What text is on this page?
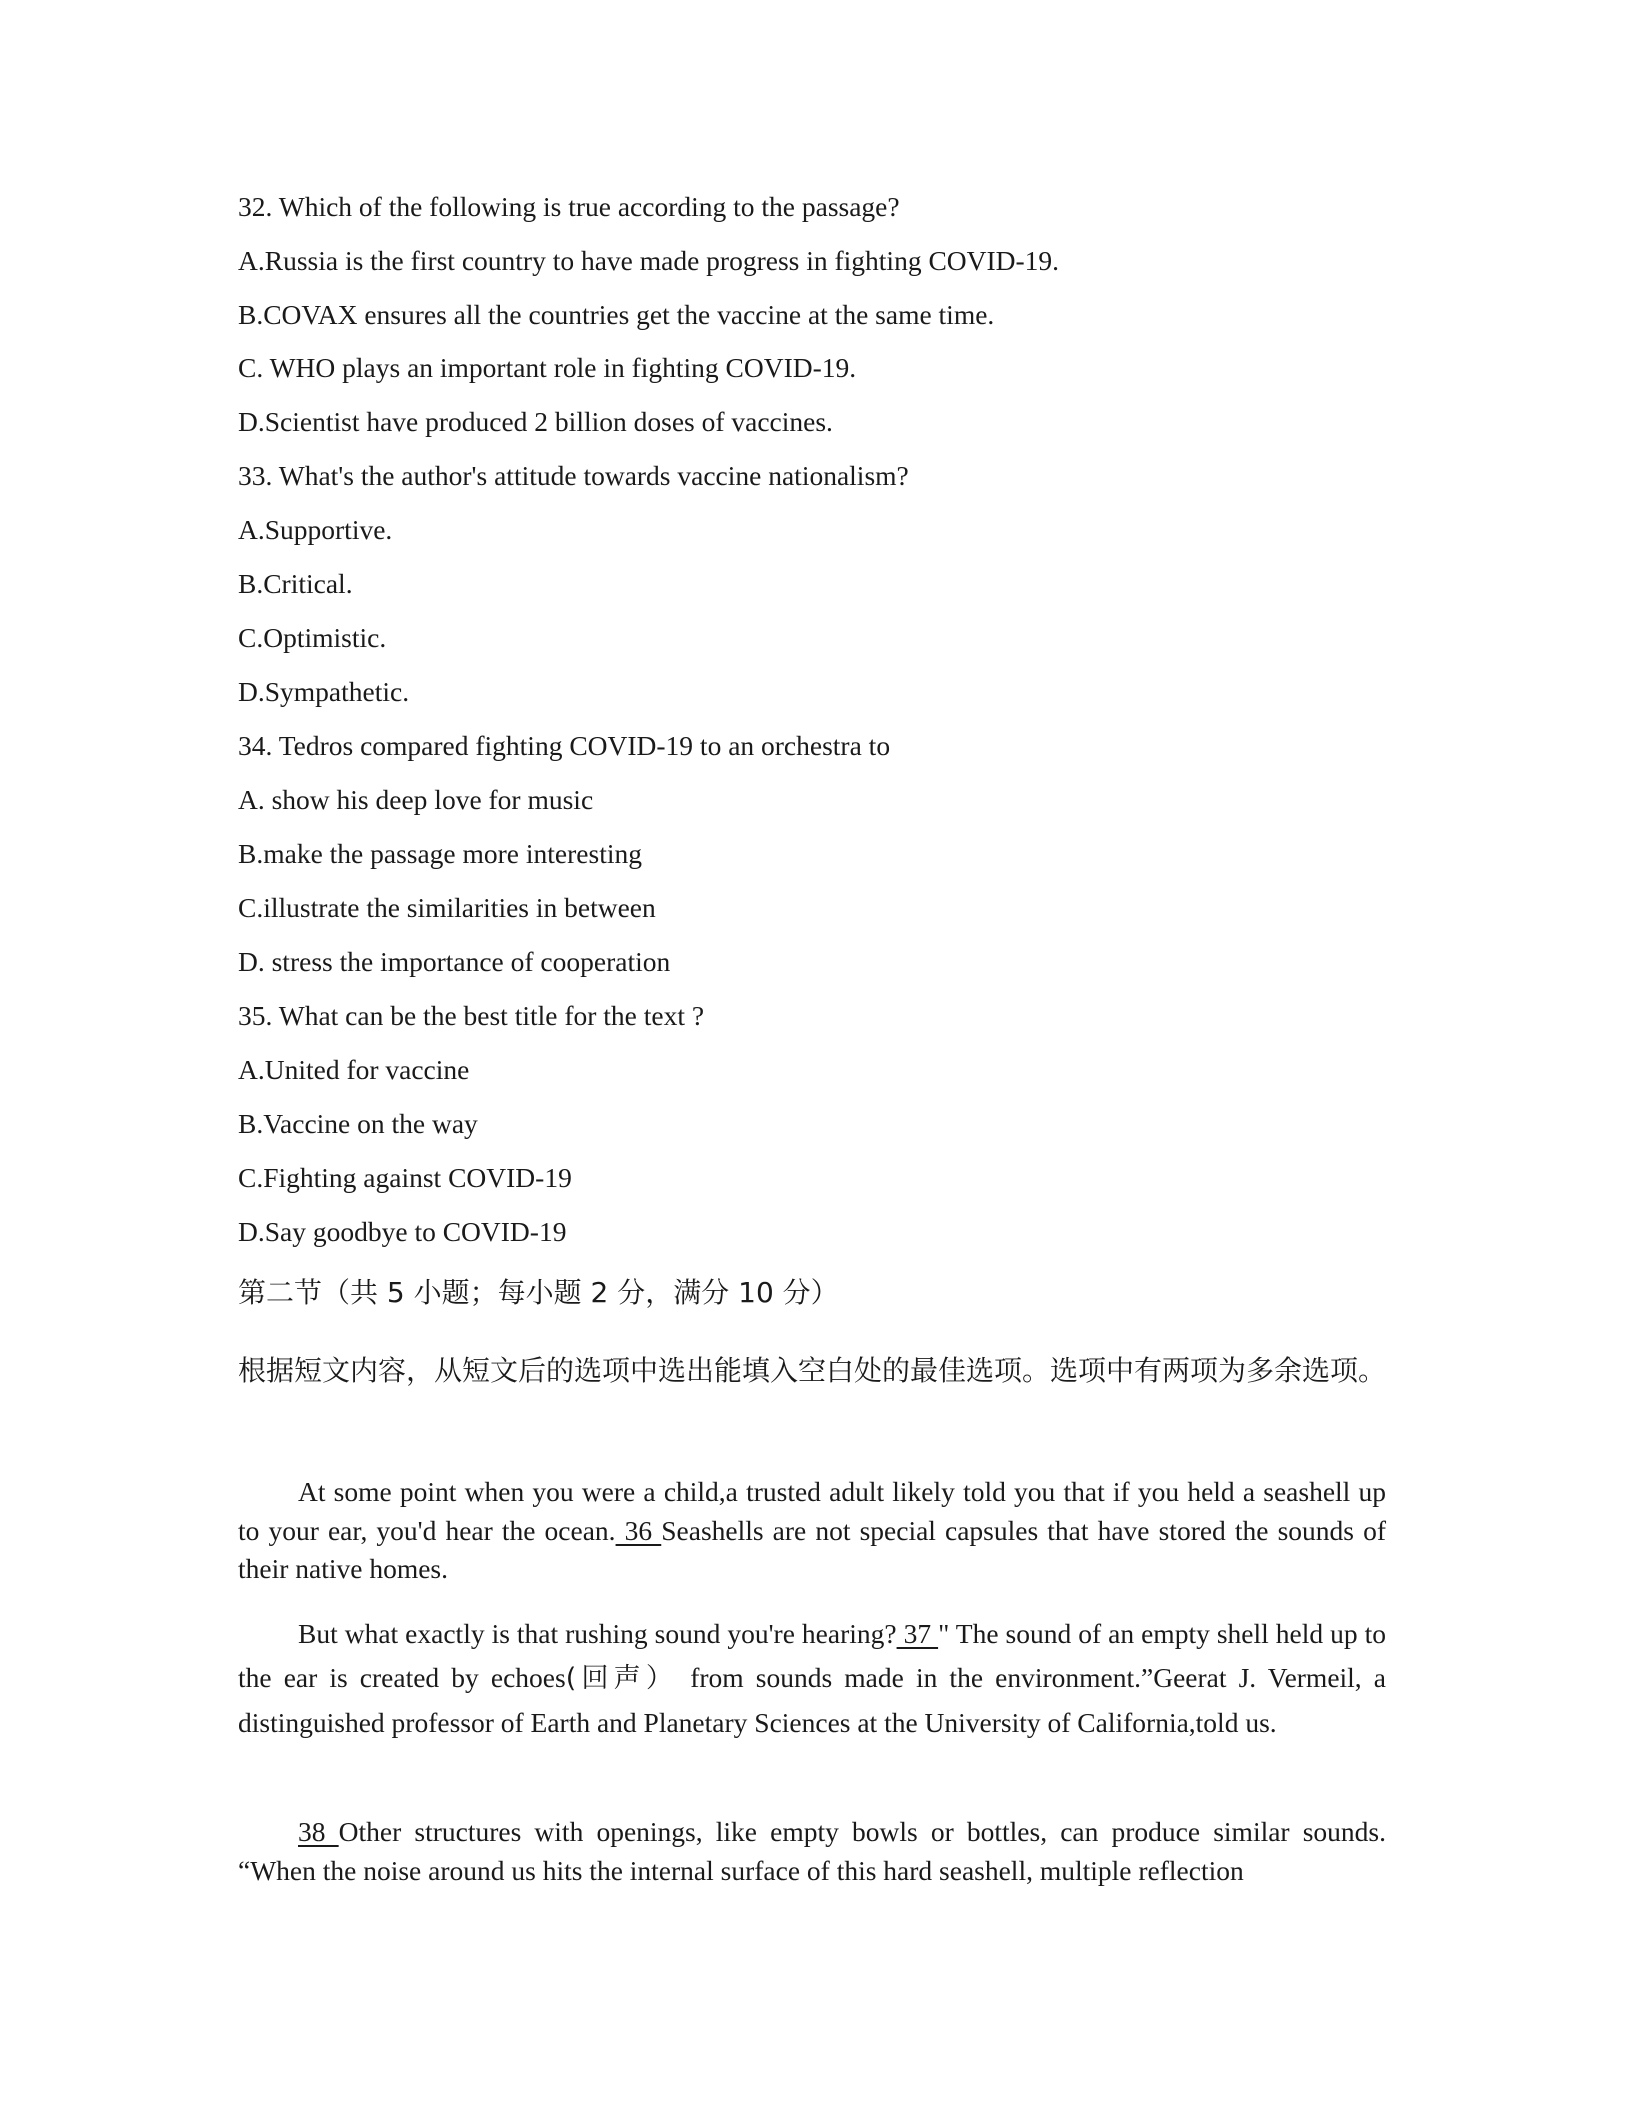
32. Which of the following is true according to the passage?
A.Russia is the first country to have made progress in fighting COVID-19.
B.COVAX ensures all the countries get the vaccine at the same time.
C. WHO plays an important role in fighting COVID-19.
D.Scientist have produced 2 billion doses of vaccines.
33. What's the author's attitude towards vaccine nationalism?
A.Supportive.
B.Critical.
C.Optimistic.
D.Sympathetic.
34. Tedros compared fighting COVID-19 to an orchestra to
A. show his deep love for music
B.make the passage more interesting
C.illustrate the similarities in between
D. stress the importance of cooperation
35. What can be the best title for the text ?
A.United for vaccine
B.Vaccine on the way
C.Fighting against COVID-19
D.Say goodbye to COVID-19
第二节（共 5 小题；每小题 2 分，满分 10 分）
根据短文内容，从短文后的选项中选出能填入空白处的最佳选项。选项中有两项为多余选项。
At some point when you were a child,a trusted adult likely told you that if you held a seashell up to your ear, you'd hear the ocean. 36 Seashells are not special capsules that have stored the sounds of their native homes.
But what exactly is that rushing sound you're hearing? 37 " The sound of an empty shell held up to the ear is created by echoes(回声） from sounds made in the environment.”Geerat J. Vermeil, a distinguished professor of Earth and Planetary Sciences at the University of California,told us.
38 Other structures with openings, like empty bowls or bottles, can produce similar sounds. “When the noise around us hits the internal surface of this hard seashell, multiple reflection
